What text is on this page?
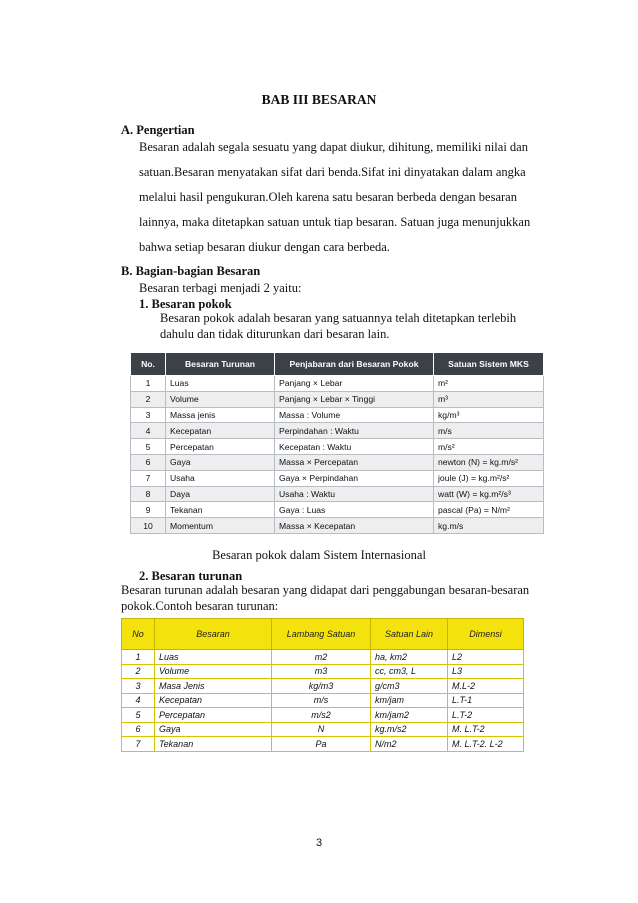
BAB III BESARAN
A. Pengertian
Besaran adalah segala sesuatu yang dapat diukur, dihitung, memiliki nilai dan
satuan.Besaran menyatakan sifat dari benda.Sifat ini dinyatakan dalam angka
melalui hasil pengukuran.Oleh karena satu besaran berbeda dengan besaran
lainnya, maka ditetapkan satuan untuk tiap besaran. Satuan juga menunjukkan
bahwa setiap besaran diukur dengan cara berbeda.
B. Bagian-bagian Besaran
Besaran terbagi menjadi 2 yaitu:
1. Besaran pokok
Besaran pokok adalah besaran yang satuannya telah ditetapkan terlebih
dahulu dan tidak diturunkan dari besaran lain.
No.	Besaran Turunan	Penjabaran dari Besaran Pokok	Satuan Sistem MKS
1	Luas	Panjang × Lebar	m²
2	Volume	Panjang × Lebar × Tinggi	m³
3	Massa jenis	Massa : Volume	kg/m³
4	Kecepatan	Perpindahan : Waktu	m/s
5	Percepatan	Kecepatan : Waktu	m/s²
6	Gaya	Massa × Percepatan	newton (N) = kg.m/s²
7	Usaha	Gaya × Perpindahan	joule (J) = kg.m²/s²
8	Daya	Usaha : Waktu	watt (W) = kg.m²/s³
9	Tekanan	Gaya : Luas	pascal (Pa) = N/m²
10	Momentum	Massa × Kecepatan	kg.m/s
Besaran pokok dalam Sistem Internasional
2. Besaran turunan
Besaran turunan adalah besaran yang didapat dari penggabungan besaran-besaran
pokok.Contoh besaran turunan:
No	Besaran	Lambang Satuan	Satuan Lain	Dimensi
1	Luas	m2	ha, km2	L2
2	Volume	m3	cc, cm3, L	L3
3	Masa Jenis	kg/m3	g/cm3	M.L-2
4	Kecepatan	m/s	km/jam	L.T-1
5	Percepatan	m/s2	km/jam2	L.T-2
6	Gaya	N	kg.m/s2	M. L.T-2
7	Tekanan	Pa	N/m2	M. L.T-2. L-2
3
